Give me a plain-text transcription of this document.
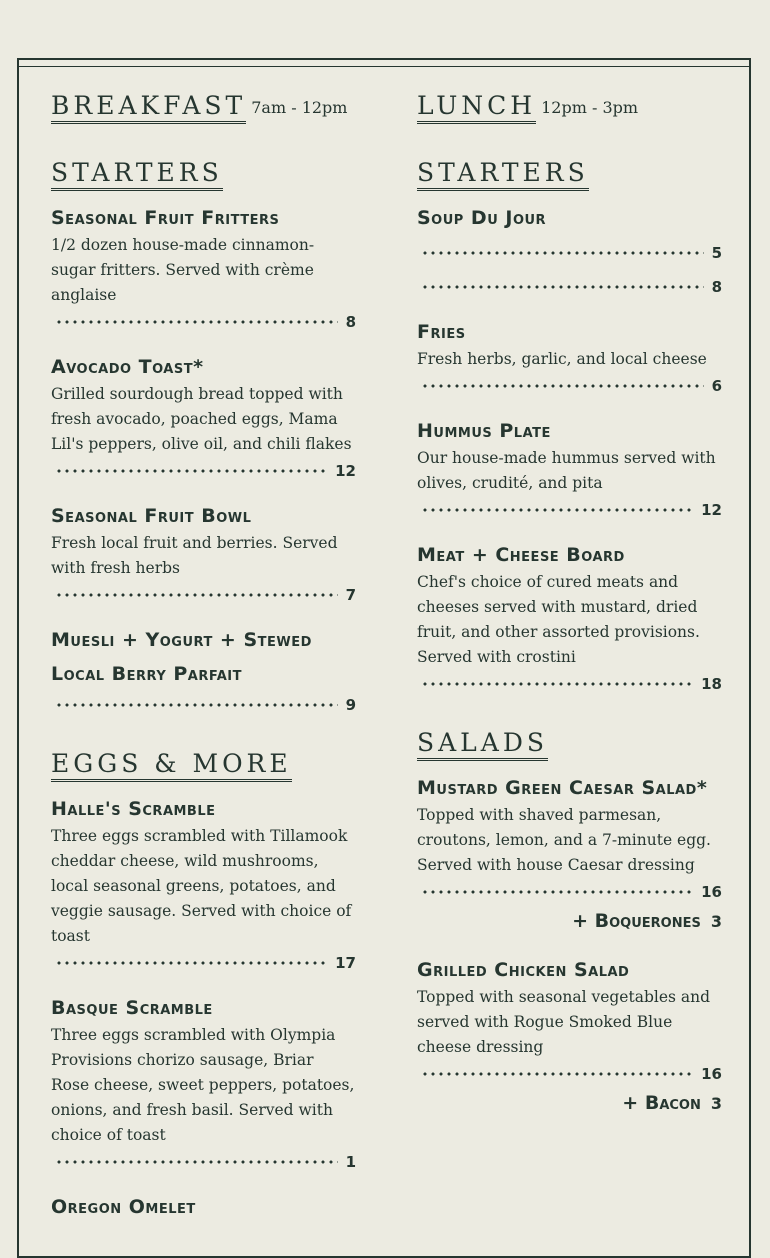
BREAKFAST 7am - 12pm
STARTERS
Seasonal Fruit Fritters
1/2 dozen house-made cinnamon-sugar fritters. Served with crème anglaise
8
Avocado Toast*
Grilled sourdough bread topped with fresh avocado, poached eggs, Mama Lil's peppers, olive oil, and chili flakes
12
Seasonal Fruit Bowl
Fresh local fruit and berries. Served with fresh herbs
7
Muesli + Yogurt + Stewed Local Berry Parfait
9
EGGS & MORE
Halle's Scramble
Three eggs scrambled with Tillamook cheddar cheese, wild mushrooms, local seasonal greens, potatoes, and veggie sausage. Served with choice of toast
17
Basque Scramble
Three eggs scrambled with Olympia Provisions chorizo sausage, Briar Rose cheese, sweet peppers, potatoes, onions, and fresh basil. Served with choice of toast
1
Oregon Omelet
LUNCH 12pm - 3pm
STARTERS
Soup Du Jour
5
8
Fries
Fresh herbs, garlic, and local cheese
6
Hummus Plate
Our house-made hummus served with olives, crudité, and pita
12
Meat + Cheese Board
Chef's choice of cured meats and cheeses served with mustard, dried fruit, and other assorted provisions. Served with crostini
18
SALADS
Mustard Green Caesar Salad*
Topped with shaved parmesan, croutons, lemon, and a 7-minute egg. Served with house Caesar dressing
16
+ Boquerones 3
Grilled Chicken Salad
Topped with seasonal vegetables and served with Rogue Smoked Blue cheese dressing
16
+ Bacon 3
